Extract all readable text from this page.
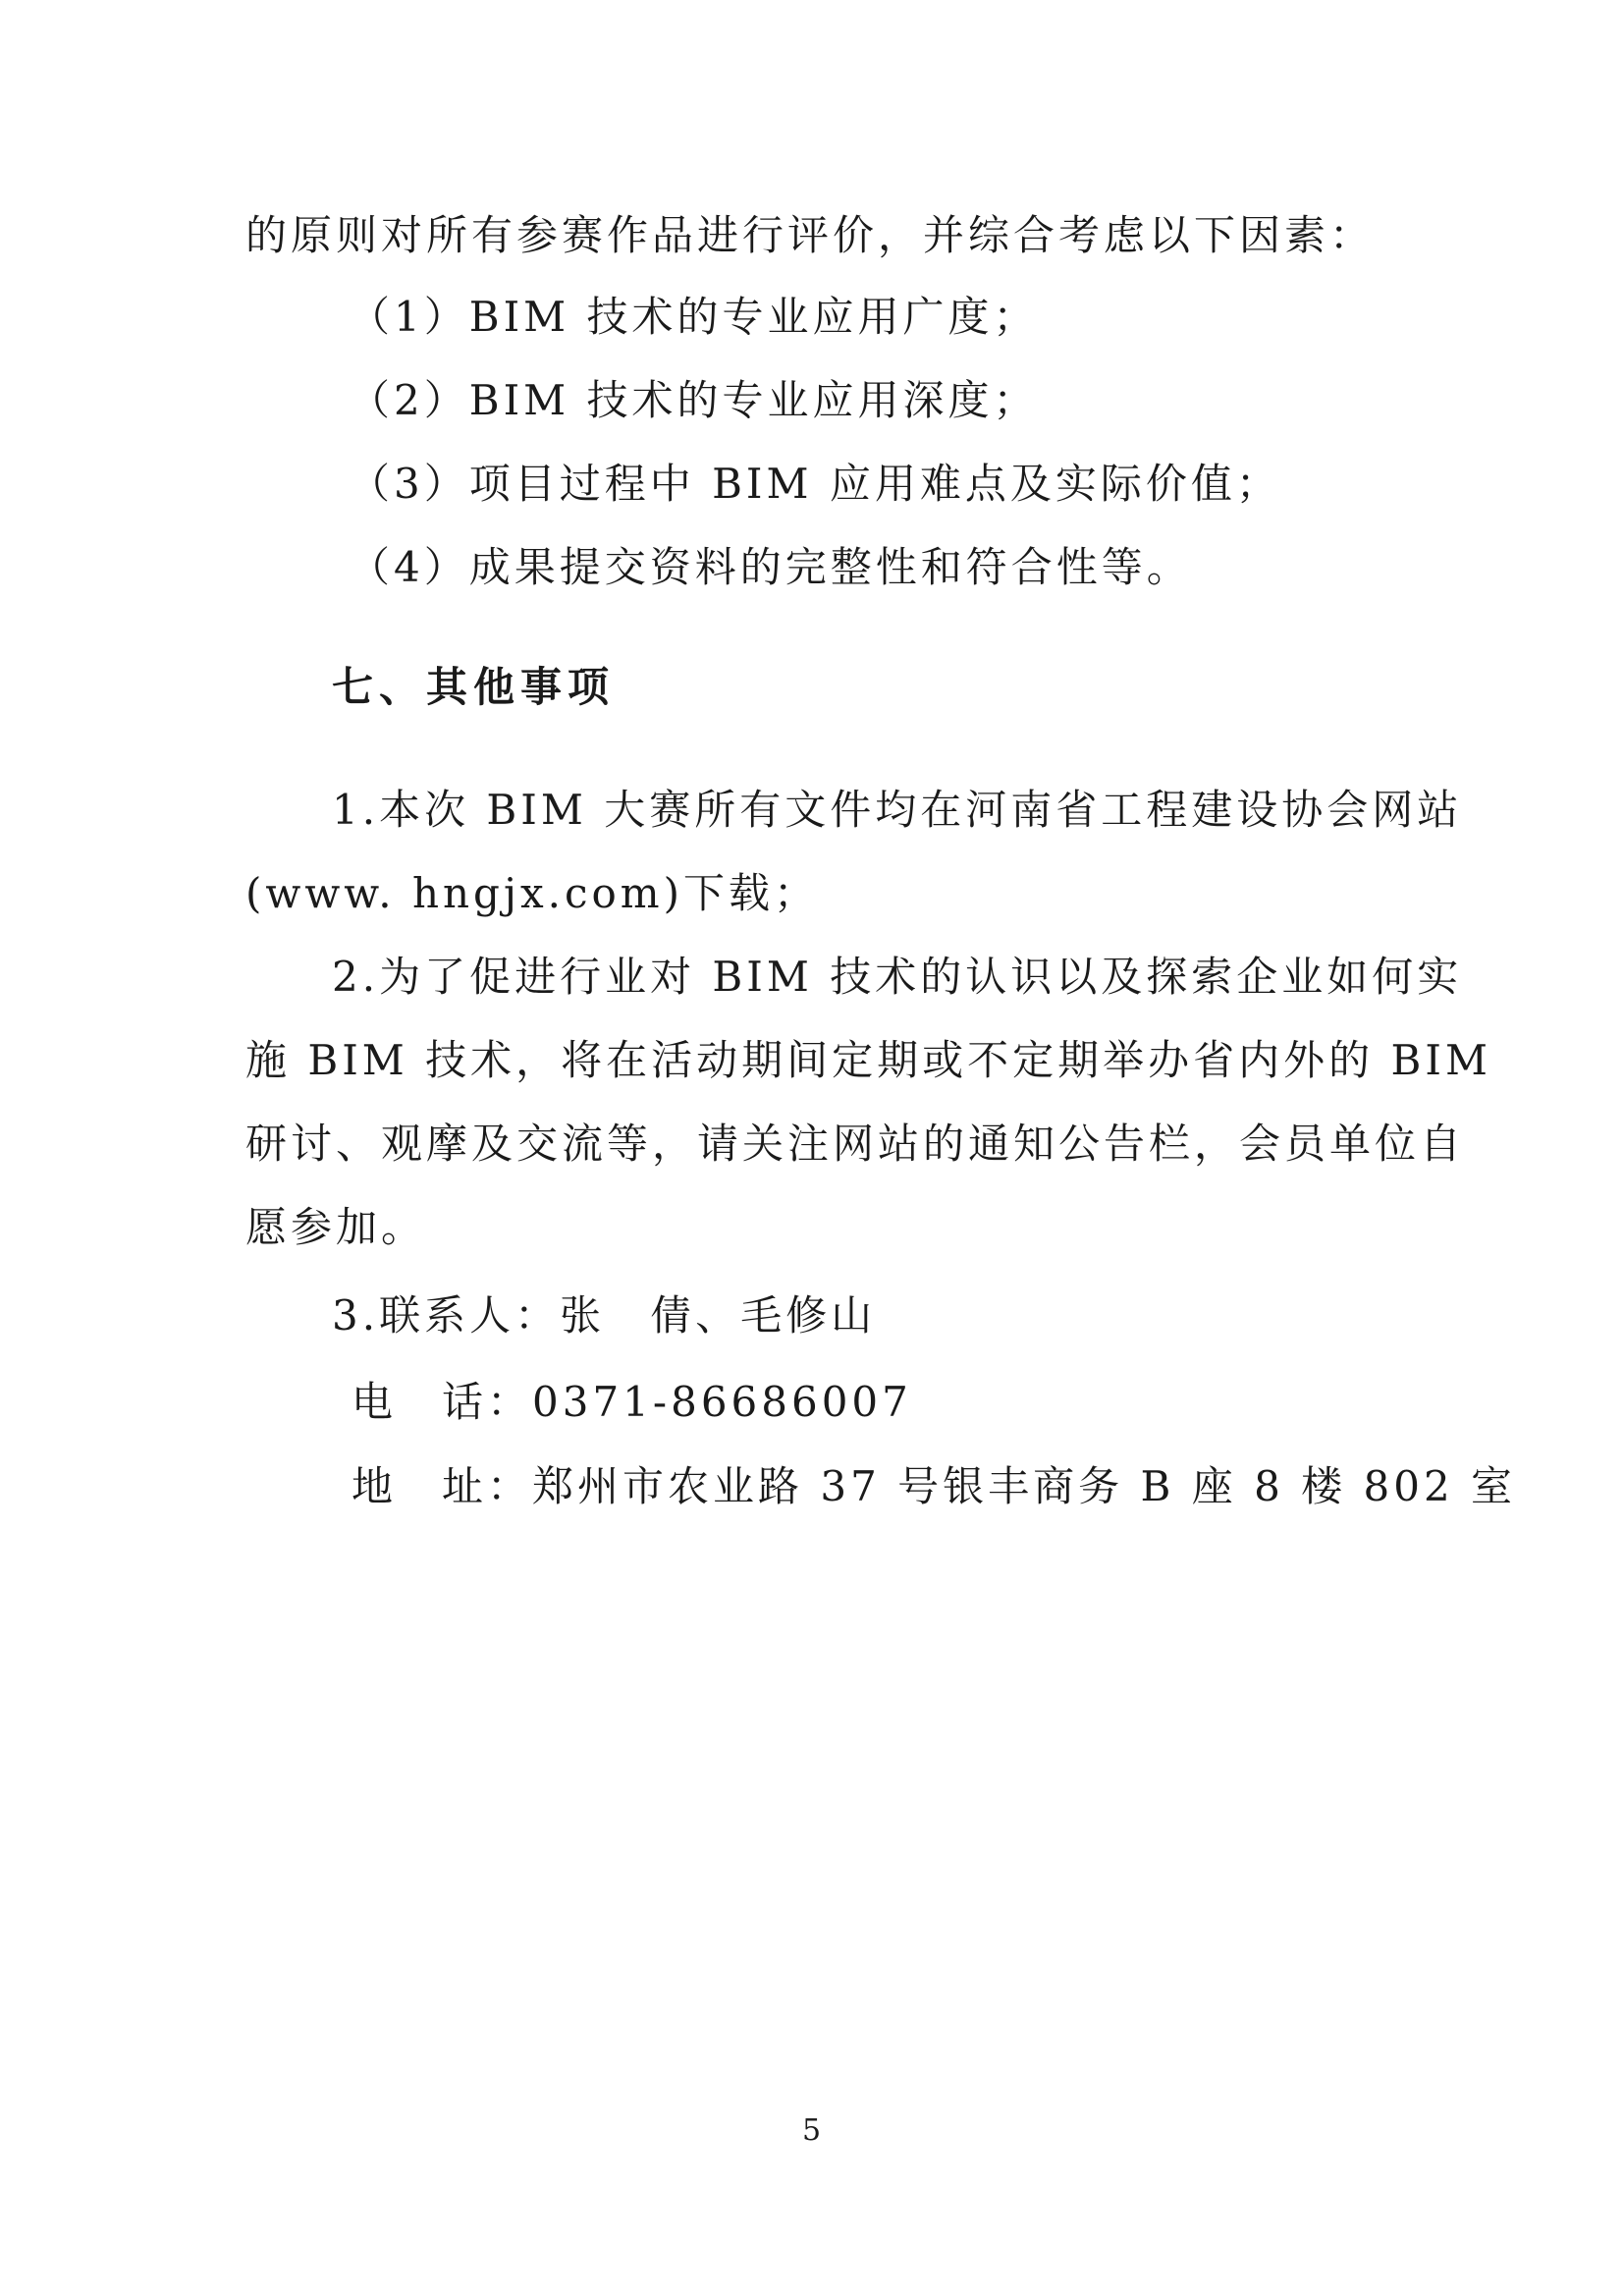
的原则对所有参赛作品进行评价，并综合考虑以下因素：
（1）BIM 技术的专业应用广度；
（2）BIM 技术的专业应用深度；
（3）项目过程中 BIM 应用难点及实际价值；
（4）成果提交资料的完整性和符合性等。
七、其他事项
1.本次 BIM 大赛所有文件均在河南省工程建设协会网站
(www. hngjx.com)下载；
2.为了促进行业对 BIM 技术的认识以及探索企业如何实
施 BIM 技术，将在活动期间定期或不定期举办省内外的 BIM
研讨、观摩及交流等，请关注网站的通知公告栏，会员单位自
愿参加。
3.联系人：张　倩、毛修山
电　话：0371-86686007
地　址：郑州市农业路 37 号银丰商务 B 座 8 楼 802 室
5
